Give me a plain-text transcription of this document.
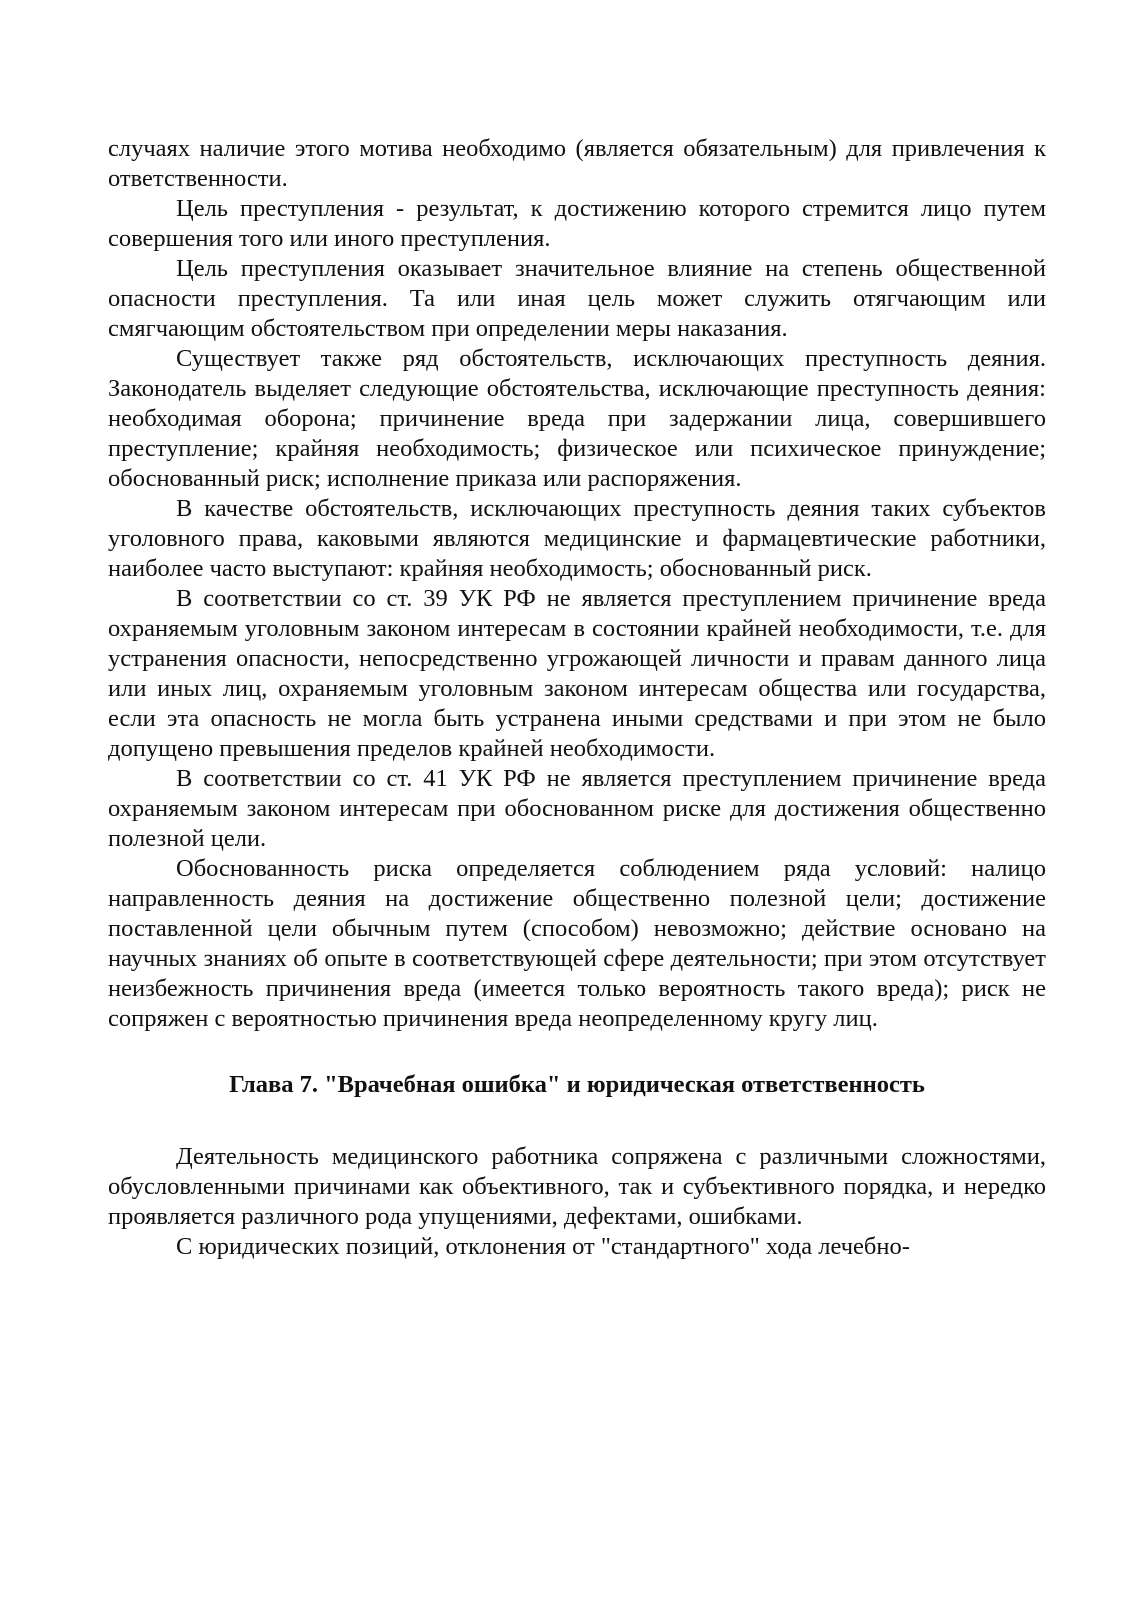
случаях наличие этого мотива необходимо (является обязательным) для привлечения к ответственности.

Цель преступления - результат, к достижению которого стремится лицо путем совершения того или иного преступления.

Цель преступления оказывает значительное влияние на степень общественной опасности преступления. Та или иная цель может служить отягчающим или смягчающим обстоятельством при определении меры наказания.

Существует также ряд обстоятельств, исключающих преступность деяния. Законодатель выделяет следующие обстоятельства, исключающие преступность деяния: необходимая оборона; причинение вреда при задержании лица, совершившего преступление; крайняя необходимость; физическое или психическое принуждение; обоснованный риск; исполнение приказа или распоряжения.

В качестве обстоятельств, исключающих преступность деяния таких субъектов уголовного права, каковыми являются медицинские и фармацевтические работники, наиболее часто выступают: крайняя необходимость; обоснованный риск.

В соответствии со ст. 39 УК РФ не является преступлением причинение вреда охраняемым уголовным законом интересам в состоянии крайней необходимости, т.е. для устранения опасности, непосредственно угрожающей личности и правам данного лица или иных лиц, охраняемым уголовным законом интересам общества или государства, если эта опасность не могла быть устранена иными средствами и при этом не было допущено превышения пределов крайней необходимости.

В соответствии со ст. 41 УК РФ не является преступлением причинение вреда охраняемым законом интересам при обоснованном риске для достижения общественно полезной цели.

Обоснованность риска определяется соблюдением ряда условий: налицо направленность деяния на достижение общественно полезной цели; достижение поставленной цели обычным путем (способом) невозможно; действие основано на научных знаниях об опыте в соответствующей сфере деятельности; при этом отсутствует неизбежность причинения вреда (имеется только вероятность такого вреда); риск не сопряжен с вероятностью причинения вреда неопределенному кругу лиц.

Глава 7. "Врачебная ошибка" и юридическая ответственность

Деятельность медицинского работника сопряжена с различными сложностями, обусловленными причинами как объективного, так и субъективного порядка, и нередко проявляется различного рода упущениями, дефектами, ошибками.

С юридических позиций, отклонения от "стандартного" хода лечебно-
